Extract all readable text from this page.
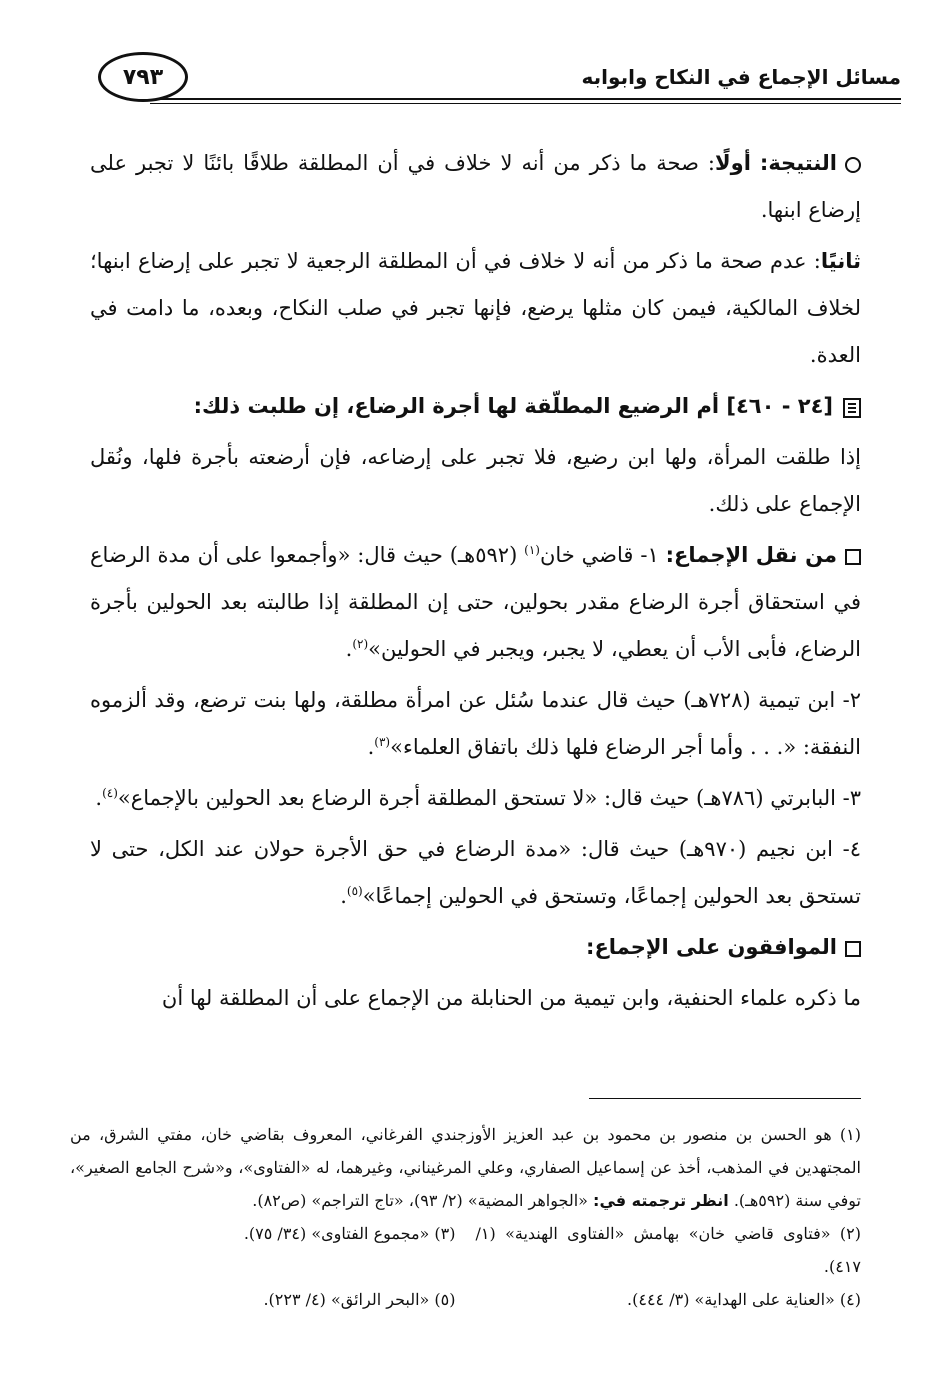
مسائل الإجماع في النكاح وابوابه
٧٩٣

النتيجة: أولًا: صحة ما ذكر من أنه لا خلاف في أن المطلقة طلاقًا بائنًا لا تجبر على إرضاع ابنها.

ثانيًا: عدم صحة ما ذكر من أنه لا خلاف في أن المطلقة الرجعية لا تجبر على إرضاع ابنها؛ لخلاف المالكية، فيمن كان مثلها يرضع، فإنها تجبر في صلب النكاح، وبعده، ما دامت في العدة.

[٢٤ - ٤٦٠] أم الرضيع المطلّقة لها أجرة الرضاع، إن طلبت ذلك:

إذا طلقت المرأة، ولها ابن رضيع، فلا تجبر على إرضاعه، فإن أرضعته بأجرة فلها، ونُقل الإجماع على ذلك.

من نقل الإجماع: ١- قاضي خان$^{(١)}$ (٥٩٢هـ) حيث قال: «وأجمعوا على أن مدة الرضاع في استحقاق أجرة الرضاع مقدر بحولين، حتى إن المطلقة إذا طالبته بعد الحولين بأجرة الرضاع، فأبى الأب أن يعطي، لا يجبر، ويجبر في الحولين»$^{(٢)}$.

٢- ابن تيمية (٧٢٨هـ) حيث قال عندما سُئل عن امرأة مطلقة، ولها بنت ترضع، وقد ألزموه النفقة: «. . . وأما أجر الرضاع فلها ذلك باتفاق العلماء»$^{(٣)}$.

٣- البابرتي (٧٨٦هـ) حيث قال: «لا تستحق المطلقة أجرة الرضاع بعد الحولين بالإجماع»$^{(٤)}$.

٤- ابن نجيم (٩٧٠هـ) حيث قال: «مدة الرضاع في حق الأجرة حولان عند الكل، حتى لا تستحق بعد الحولين إجماعًا، وتستحق في الحولين إجماعًا»$^{(٥)}$.

الموافقون على الإجماع:

ما ذكره علماء الحنفية، وابن تيمية من الحنابلة من الإجماع على أن المطلقة لها أن

(١) هو الحسن بن منصور بن محمود بن عبد العزيز الأوزجندي الفرغاني، المعروف بقاضي خان، مفتي الشرق، من المجتهدين في المذهب، أخذ عن إسماعيل الصفاري، وعلي المرغيناني، وغيرهما، له «الفتاوى»، و«شرح الجامع الصغير»، توفي سنة (٥٩٢هـ). انظر ترجمته في: «الجواهر المضية» (٢/ ٩٣)، «تاج التراجم» (ص٨٢).

(٢) «فتاوى قاضي خان» بهامش «الفتاوى الهندية» (١/ ٤١٧).

(٣) «مجموع الفتاوى» (٣٤/ ٧٥).

(٤) «العناية على الهداية» (٣/ ٤٤٤).

(٥) «البحر الرائق» (٤/ ٢٢٣).
